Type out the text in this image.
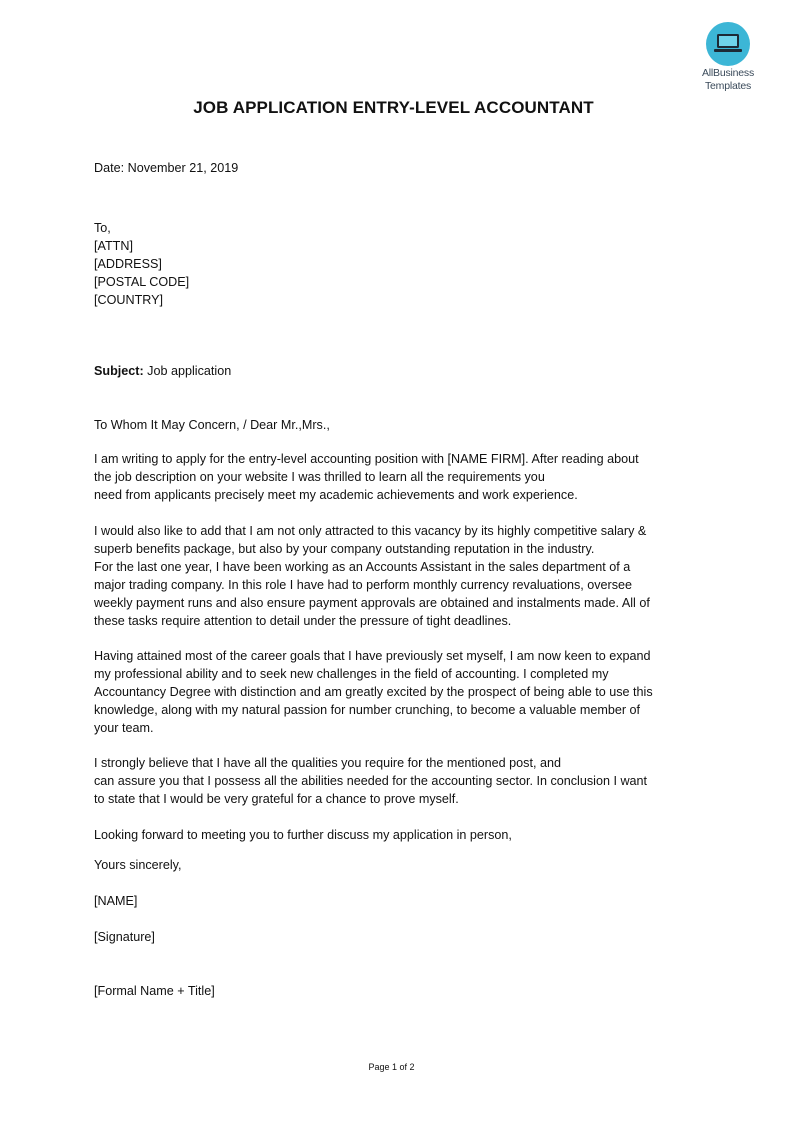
AllBusiness
Templates
JOB APPLICATION ENTRY-LEVEL ACCOUNTANT
Date: November 21, 2019
To,
[ATTN]
[ADDRESS]
[POSTAL CODE]
[COUNTRY]
Subject: Job application
To Whom It May Concern, / Dear Mr.,Mrs.,
I am writing to apply for the entry-level accounting position with [NAME FIRM]. After reading about
the job description on your website I was thrilled to learn all the requirements you
need from applicants precisely meet my academic achievements and work experience.
I would also like to add that I am not only attracted to this vacancy by its highly competitive salary &
superb benefits package, but also by your company outstanding reputation in the industry.
For the last one year, I have been working as an Accounts Assistant in the sales department of a
major trading company. In this role I have had to perform monthly currency revaluations, oversee
weekly payment runs and also ensure payment approvals are obtained and instalments made. All of
these tasks require attention to detail under the pressure of tight deadlines.
Having attained most of the career goals that I have previously set myself, I am now keen to expand
my professional ability and to seek new challenges in the field of accounting. I completed my
Accountancy Degree with distinction and am greatly excited by the prospect of being able to use this
knowledge, along with my natural passion for number crunching, to become a valuable member of
your team.
I strongly believe that I have all the qualities you require for the mentioned post, and
can assure you that I possess all the abilities needed for the accounting sector. In conclusion I want
to state that I would be very grateful for a chance to prove myself.
Looking forward to meeting you to further discuss my application in person,
Yours sincerely,
[NAME]
[Signature]
[Formal Name + Title]
Page 1 of 2
